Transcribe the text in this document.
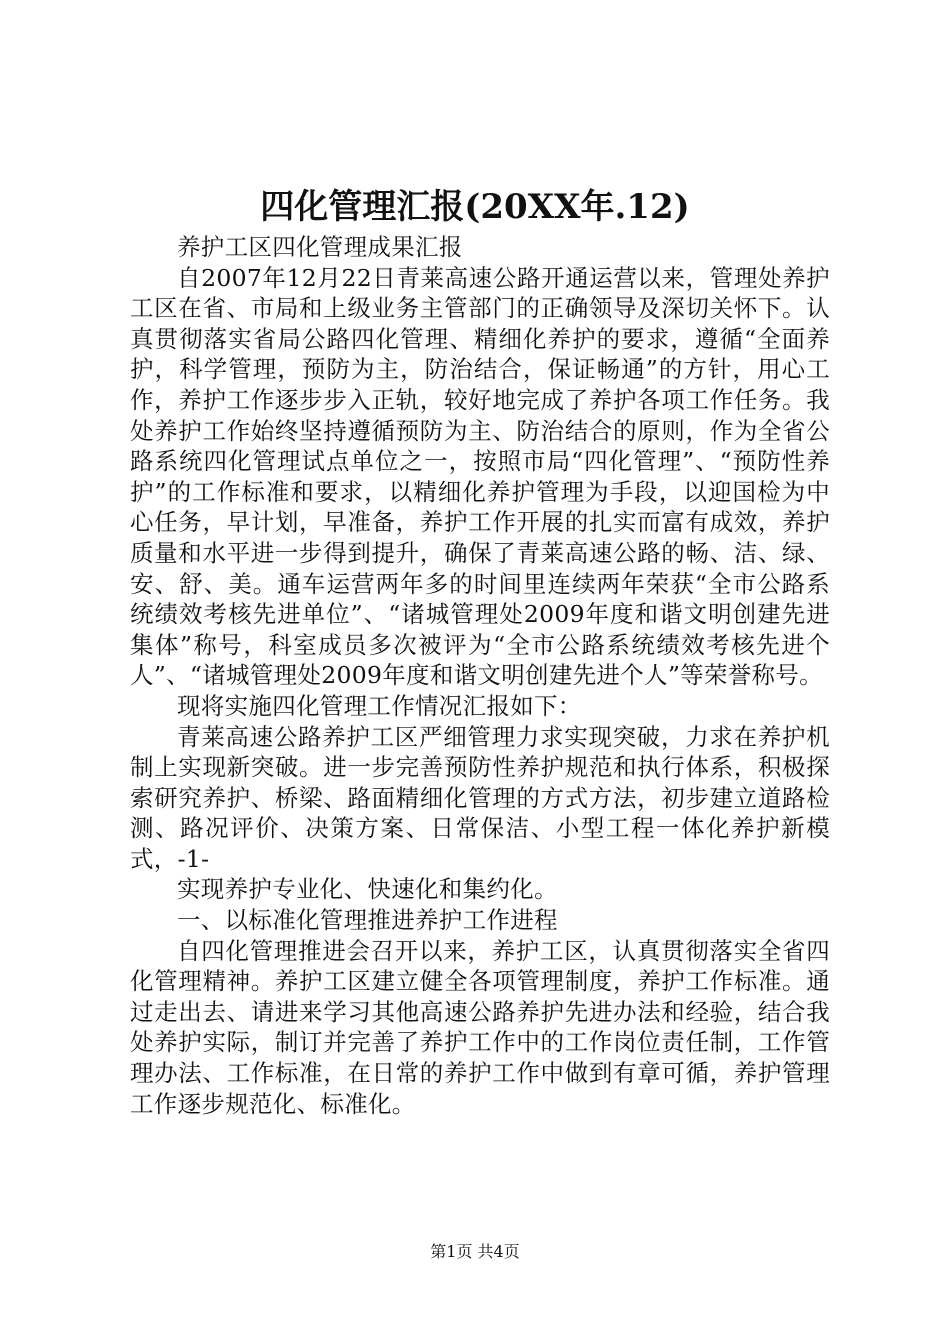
四化管理汇报(20XX年.12)

养护工区四化管理成果汇报

自2007年12月22日青莱高速公路开通运营以来，管理处养护工区在省、市局和上级业务主管部门的正确领导及深切关怀下。认真贯彻落实省局公路四化管理、精细化养护的要求，遵循“全面养护，科学管理，预防为主，防治结合，保证畅通”的方针，用心工作，养护工作逐步步入正轨，较好地完成了养护各项工作任务。我处养护工作始终坚持遵循预防为主、防治结合的原则，作为全省公路系统四化管理试点单位之一，按照市局“四化管理”、“预防性养护”的工作标准和要求，以精细化养护管理为手段，以迎国检为中心任务，早计划，早准备，养护工作开展的扎实而富有成效，养护质量和水平进一步得到提升，确保了青莱高速公路的畅、洁、绿、安、舒、美。通车运营两年多的时间里连续两年荣获“全市公路系统绩效考核先进单位”、“诸城管理处2009年度和谐文明创建先进集体”称号，科室成员多次被评为“全市公路系统绩效考核先进个人”、“诸城管理处2009年度和谐文明创建先进个人”等荣誉称号。

现将实施四化管理工作情况汇报如下：

青莱高速公路养护工区严细管理力求实现突破，力求在养护机制上实现新突破。进一步完善预防性养护规范和执行体系，积极探索研究养护、桥梁、路面精细化管理的方式方法，初步建立道路检测、路况评价、决策方案、日常保洁、小型工程一体化养护新模式，-1-

实现养护专业化、快速化和集约化。

一、以标准化管理推进养护工作进程

自四化管理推进会召开以来，养护工区，认真贯彻落实全省四化管理精神。养护工区建立健全各项管理制度，养护工作标准。通过走出去、请进来学习其他高速公路养护先进办法和经验，结合我处养护实际，制订并完善了养护工作中的工作岗位责任制，工作管理办法、工作标准，在日常的养护工作中做到有章可循，养护管理工作逐步规范化、标准化。

第1页 共4页
